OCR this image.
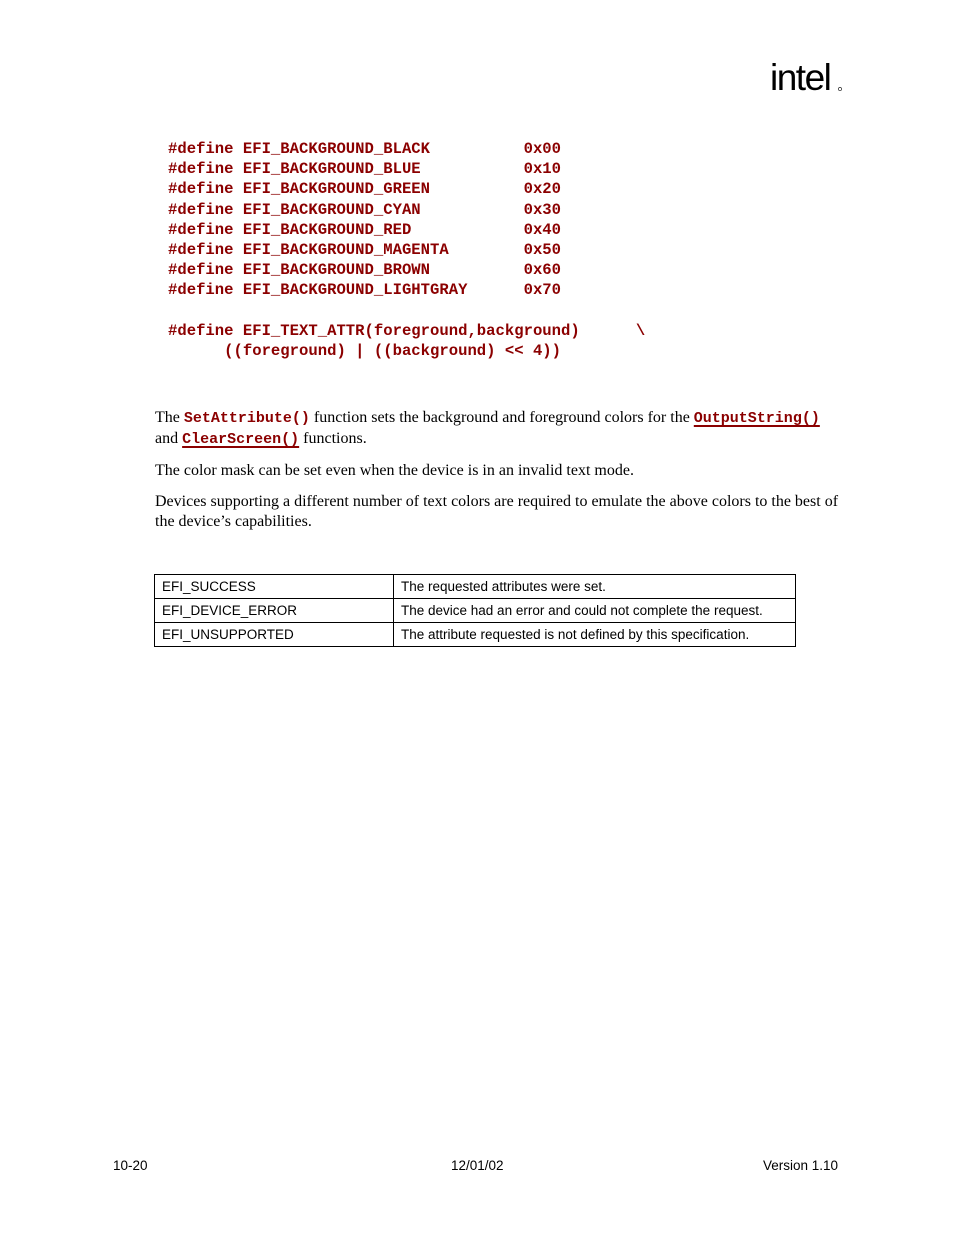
intel
#define EFI_BACKGROUND_BLACK          0x00
#define EFI_BACKGROUND_BLUE           0x10
#define EFI_BACKGROUND_GREEN          0x20
#define EFI_BACKGROUND_CYAN           0x30
#define EFI_BACKGROUND_RED            0x40
#define EFI_BACKGROUND_MAGENTA        0x50
#define EFI_BACKGROUND_BROWN          0x60
#define EFI_BACKGROUND_LIGHTGRAY      0x70
#define EFI_TEXT_ATTR(foreground,background)      \
((foreground) | ((background) << 4))

The SetAttribute() function sets the background and foreground colors for the OutputString() and ClearScreen() functions.

The color mask can be set even when the device is in an invalid text mode.

Devices supporting a different number of text colors are required to emulate the above colors to the best of the device’s capabilities.

EFI_SUCCESS	The requested attributes were set.
EFI_DEVICE_ERROR	The device had an error and could not complete the request.
EFI_UNSUPPORTED	The attribute requested is not defined by this specification.
10-20	12/01/02	Version 1.10
